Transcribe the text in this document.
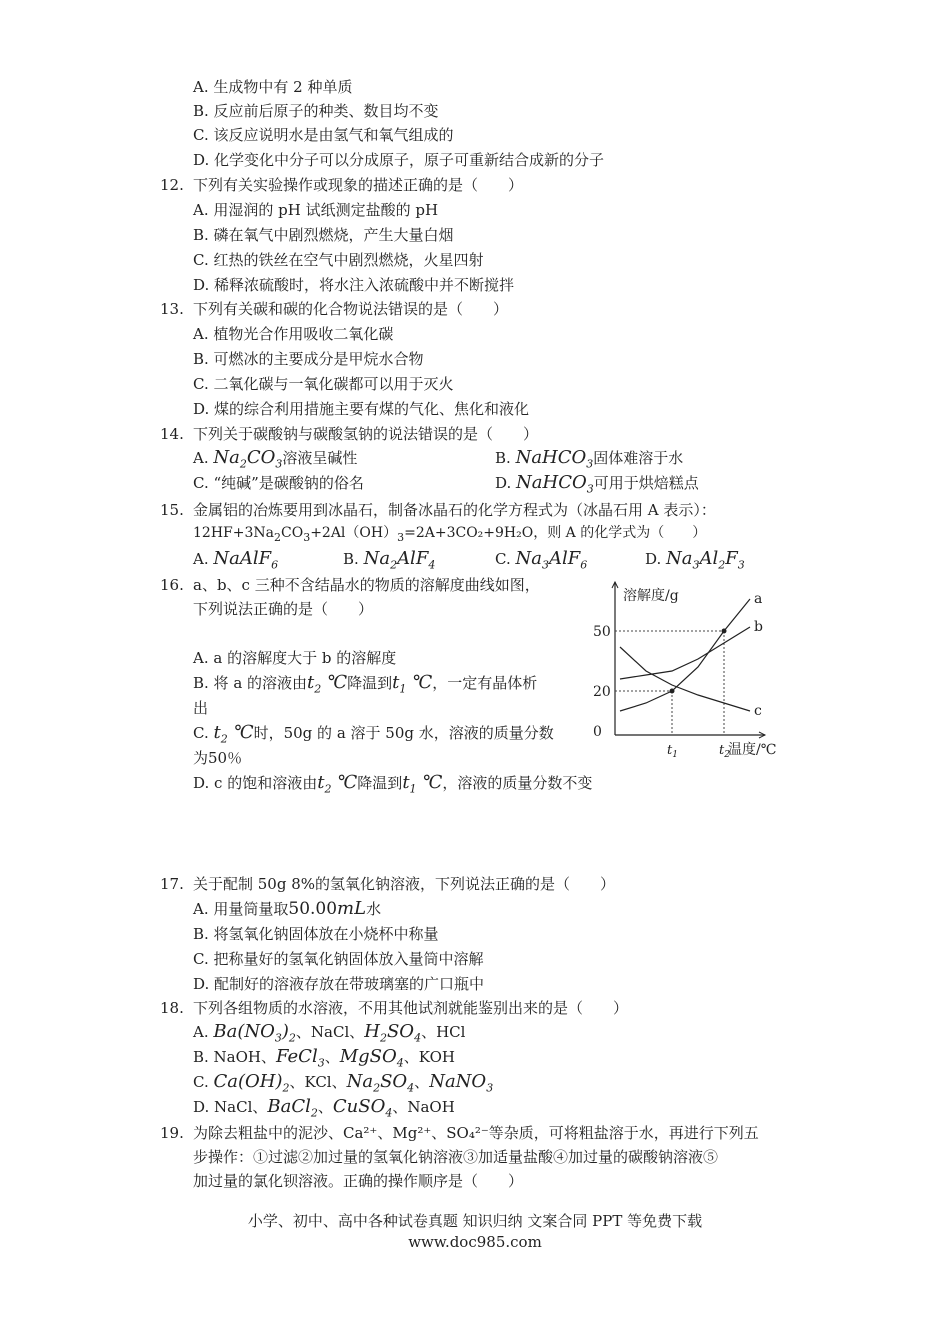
A. 生成物中有 2 种单质
B. 反应前后原子的种类、数目均不变
C. 该反应说明水是由氢气和氧气组成的
D. 化学变化中分子可以分成原子，原子可重新结合成新的分子
12. 下列有关实验操作或现象的描述正确的是（　　）
A. 用湿润的 pH 试纸测定盐酸的 pH
B. 磷在氧气中剧烈燃烧，产生大量白烟
C. 红热的铁丝在空气中剧烈燃烧，火星四射
D. 稀释浓硫酸时，将水注入浓硫酸中并不断搅拌
13. 下列有关碳和碳的化合物说法错误的是（　　）
A. 植物光合作用吸收二氧化碳
B. 可燃冰的主要成分是甲烷水合物
C. 二氧化碳与一氧化碳都可以用于灭火
D. 煤的综合利用措施主要有煤的气化、焦化和液化
14. 下列关于碳酸钠与碳酸氢钠的说法错误的是（　　）
A. $Na_2CO_3$溶液呈碱性	B. NaHCO$_3$固体难溶于水
C. “纯碱”是碳酸钠的俗名	D. NaHCO$_3$可用于烘焙糕点
15. 金属铝的冶炼要用到冰晶石，制备冰晶石的化学方程式为（冰晶石用 A 表示）：
$12HF+3Na_2CO_3+2Al(OH)_3=2A+3CO_2+9H_2O$，则 A 的化学式为（　　）
A. NaAlF$_6$	B. $Na_2AlF_4$	C. $Na_3AlF_6$	D. $Na_3Al_2F_3$
16. a、b、c 三种不含结晶水的物质的溶解度曲线如图，
下列说法正确的是（　　）
A. a 的溶解度大于 b 的溶解度
B. 将 a 的溶液由$t_2$ ℃降温到$t_1$ ℃，一定有晶体析
出
C. $t_2$ ℃时，50g 的 a 溶于 50g 水，溶液的质量分数
为50％
D. c 的饱和溶液由$t_2$ ℃降温到$t_1$ ℃，溶液的质量分数不变
溶解度/g
温度/℃
50
20
0
$t_1$	$t_2$
a
b
c
17. 关于配制 50g 8%的氢氧化钠溶液，下列说法正确的是（　　）
A. 用量筒量取50.00mL水
B. 将氢氧化钠固体放在小烧杯中称量
C. 把称量好的氢氧化钠固体放入量筒中溶解
D. 配制好的溶液存放在带玻璃塞的广口瓶中
18. 下列各组物质的水溶液，不用其他试剂就能鉴别出来的是（　　）
A. $Ba(NO_3)_2$、NaCl、$H_2SO_4$、HCl
B. NaOH、FeCl$_3$、MgSO$_4$、KOH
C. $Ca(OH)_2$、KCl、$Na_2SO_4$、NaNO$_3$
D. NaCl、BaCl$_2$、CuSO$_4$、NaOH
19. 为除去粗盐中的泥沙、Ca²⁺、Mg²⁺、SO₄²⁻等杂质，可将粗盐溶于水，再进行下列五
步操作：①过滤②加过量的氢氧化钠溶液③加适量盐酸④加过量的碳酸钠溶液⑤
加过量的氯化钡溶液。正确的操作顺序是（　　）
小学、初中、高中各种试卷真题 知识归纳 文案合同 PPT 等免费下载
www.doc985.com
